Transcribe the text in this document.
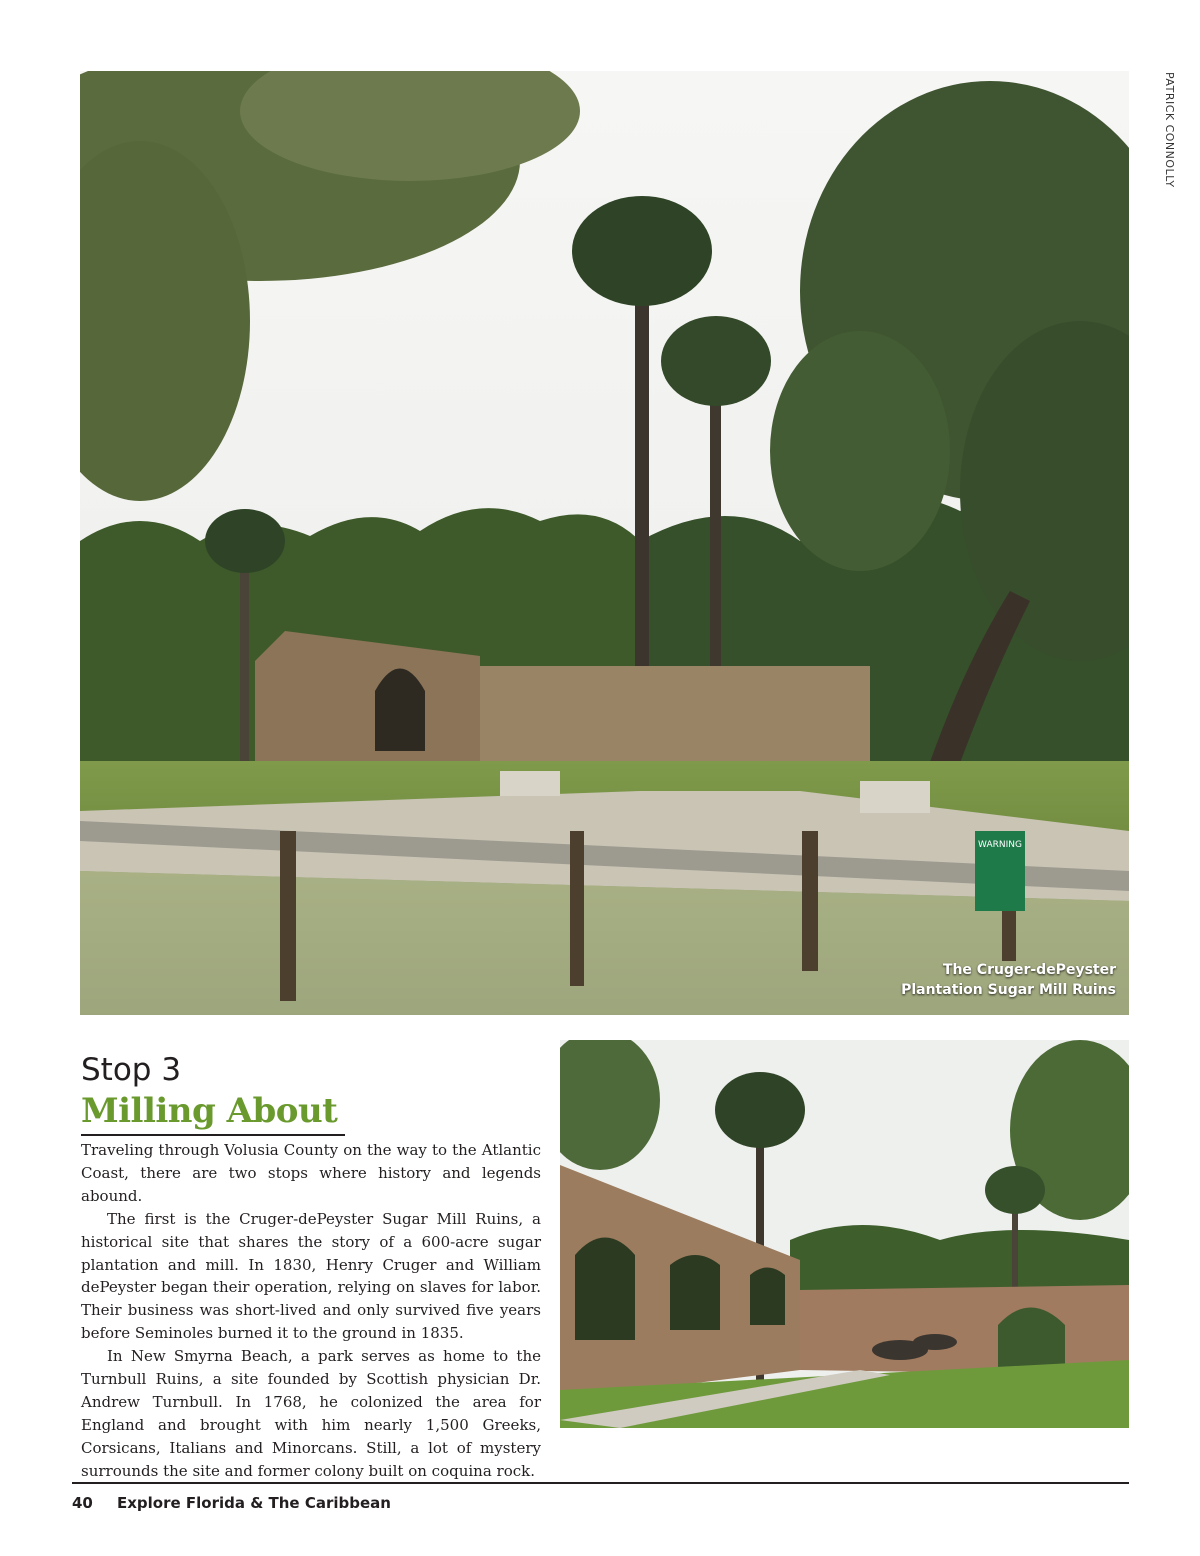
WARNING
PATRICK CONNOLLY
The Cruger-dePeyster
Plantation Sugar Mill Ruins
Stop 3
Milling About

Traveling through Volusia County on the way to the Atlantic Coast, there are two stops where history and legends abound.

The first is the Cruger-dePeyster Sugar Mill Ruins, a historical site that shares the story of a 600-acre sugar plantation and mill. In 1830, Henry Cruger and William dePeyster began their operation, relying on slaves for labor. Their business was short-lived and only survived five years before Seminoles burned it to the ground in 1835.

In New Smyrna Beach, a park serves as home to the Turnbull Ruins, a site founded by Scottish physician Dr. Andrew Turnbull. In 1768, he colonized the area for England and brought with him nearly 1,500 Greeks, Corsicans, Italians and Minorcans. Still, a lot of mystery surrounds the site and former colony built on coquina rock.

40 Explore Florida & The Caribbean
